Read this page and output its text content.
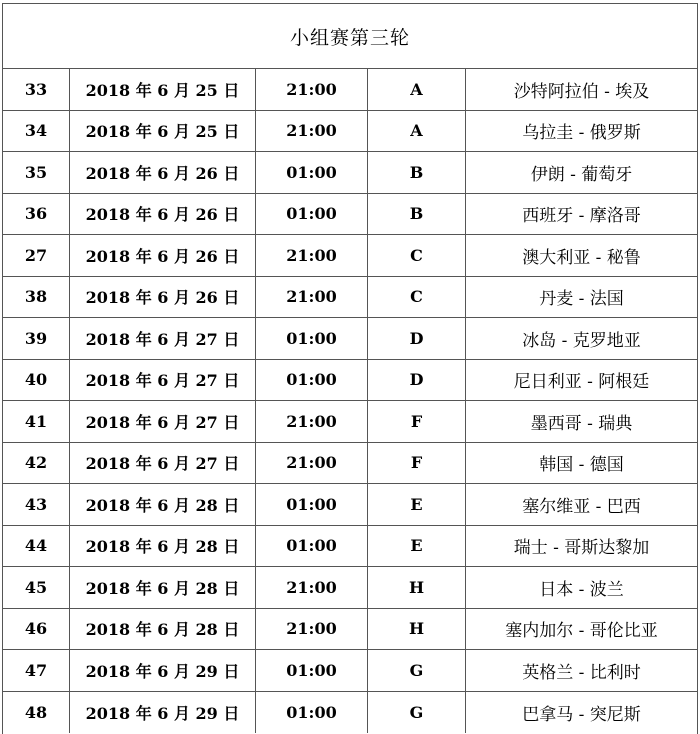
小组赛第三轮
33	2018 年 6 月 25 日	21:00	A	沙特阿拉伯 - 埃及
34	2018 年 6 月 25 日	21:00	A	乌拉圭 - 俄罗斯
35	2018 年 6 月 26 日	01:00	B	伊朗 - 葡萄牙
36	2018 年 6 月 26 日	01:00	B	西班牙 - 摩洛哥
27	2018 年 6 月 26 日	21:00	C	澳大利亚 - 秘鲁
38	2018 年 6 月 26 日	21:00	C	丹麦 - 法国
39	2018 年 6 月 27 日	01:00	D	冰岛 - 克罗地亚
40	2018 年 6 月 27 日	01:00	D	尼日利亚 - 阿根廷
41	2018 年 6 月 27 日	21:00	F	墨西哥 - 瑞典
42	2018 年 6 月 27 日	21:00	F	韩国 - 德国
43	2018 年 6 月 28 日	01:00	E	塞尔维亚 - 巴西
44	2018 年 6 月 28 日	01:00	E	瑞士 - 哥斯达黎加
45	2018 年 6 月 28 日	21:00	H	日本 - 波兰
46	2018 年 6 月 28 日	21:00	H	塞内加尔 - 哥伦比亚
47	2018 年 6 月 29 日	01:00	G	英格兰 - 比利时
48	2018 年 6 月 29 日	01:00	G	巴拿马 - 突尼斯
